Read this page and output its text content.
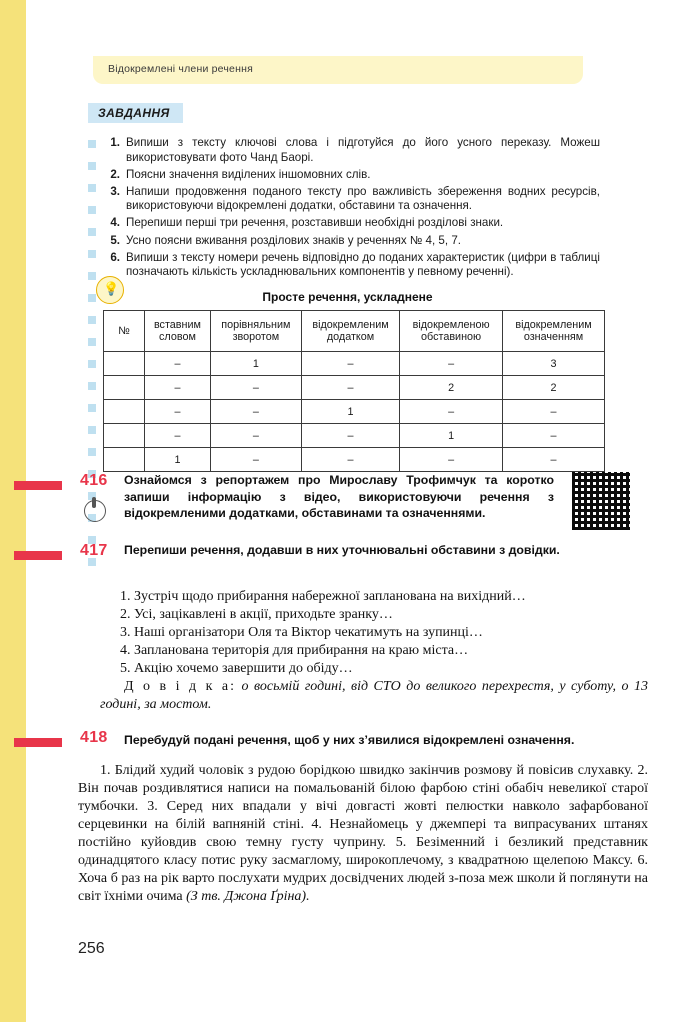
Відокремлені члени речення
ЗАВДАННЯ
1. Випиши з тексту ключові слова і підготуйся до його усного переказу. Можеш використовувати фото Чанд Баорі.
2. Поясни значення виділених іншомовних слів.
3. Напиши продовження поданого тексту про важливість збереження водних ресурсів, використовуючи відокремлені додатки, обставини та означення.
4. Перепиши перші три речення, розставивши необхідні розділові знаки.
5. Усно поясни вживання розділових знаків у реченнях № 4, 5, 7.
6. Випиши з тексту номери речень відповідно до поданих характеристик (цифри в таблиці позначають кількість ускладнювальних компонентів у певному реченні).
💡
Просте речення, ускладнене
№	вставним словом	порівняльним зворотом	відокремленим додатком	відокремленою обставиною	відокремленим означенням
	–	1	–	–	3
	–	–	–	2	2
	–	–	1	–	–
	–	–	–	1	–
	1	–	–	–	–
416 Ознайомся з репортажем про Мирославу Трофимчук та коротко запиши інформацію з відео, використовуючи речення з відокремленими додатками, обставинами та означеннями.
417 Перепиши речення, додавши в них уточнювальні обставини з довідки.
1. Зустріч щодо прибирання набережної запланована на вихідний…
2. Усі, зацікавлені в акції, приходьте зранку…
3. Наші організатори Оля та Віктор чекатимуть на зупинці…
4. Запланована територія для прибирання на краю міста…
5. Акцію хочемо завершити до обіду…
Д о в і д к а: о восьмій годині, від СТО до великого перехрестя, у суботу, о 13 годині, за мостом.
418 Перебудуй подані речення, щоб у них з’явилися відокремлені означення.
1. Блідий худий чоловік з рудою борідкою швидко закінчив розмову й повісив слухавку. 2. Він почав роздивлятися написи на помальованій білою фарбою стіні обабіч невеликої старої тумбочки. 3. Серед них впадали у вічі довгасті жовті пелюстки навколо зафарбованої серцевинки на білій вапняній стіні. 4. Незнайомець у джемпері та випрасуваних штанях постійно куйовдив свою темну густу чуприну. 5. Безіменний і безликий представник одинадцятого класу потис руку засмаглому, широкоплечому, з квадратною щелепою Максу. 6. Хоча б раз на рік варто послухати мудрих досвідчених людей з-поза меж школи й поглянути на світ їхніми очима (З тв. Джона Ґріна).
256
